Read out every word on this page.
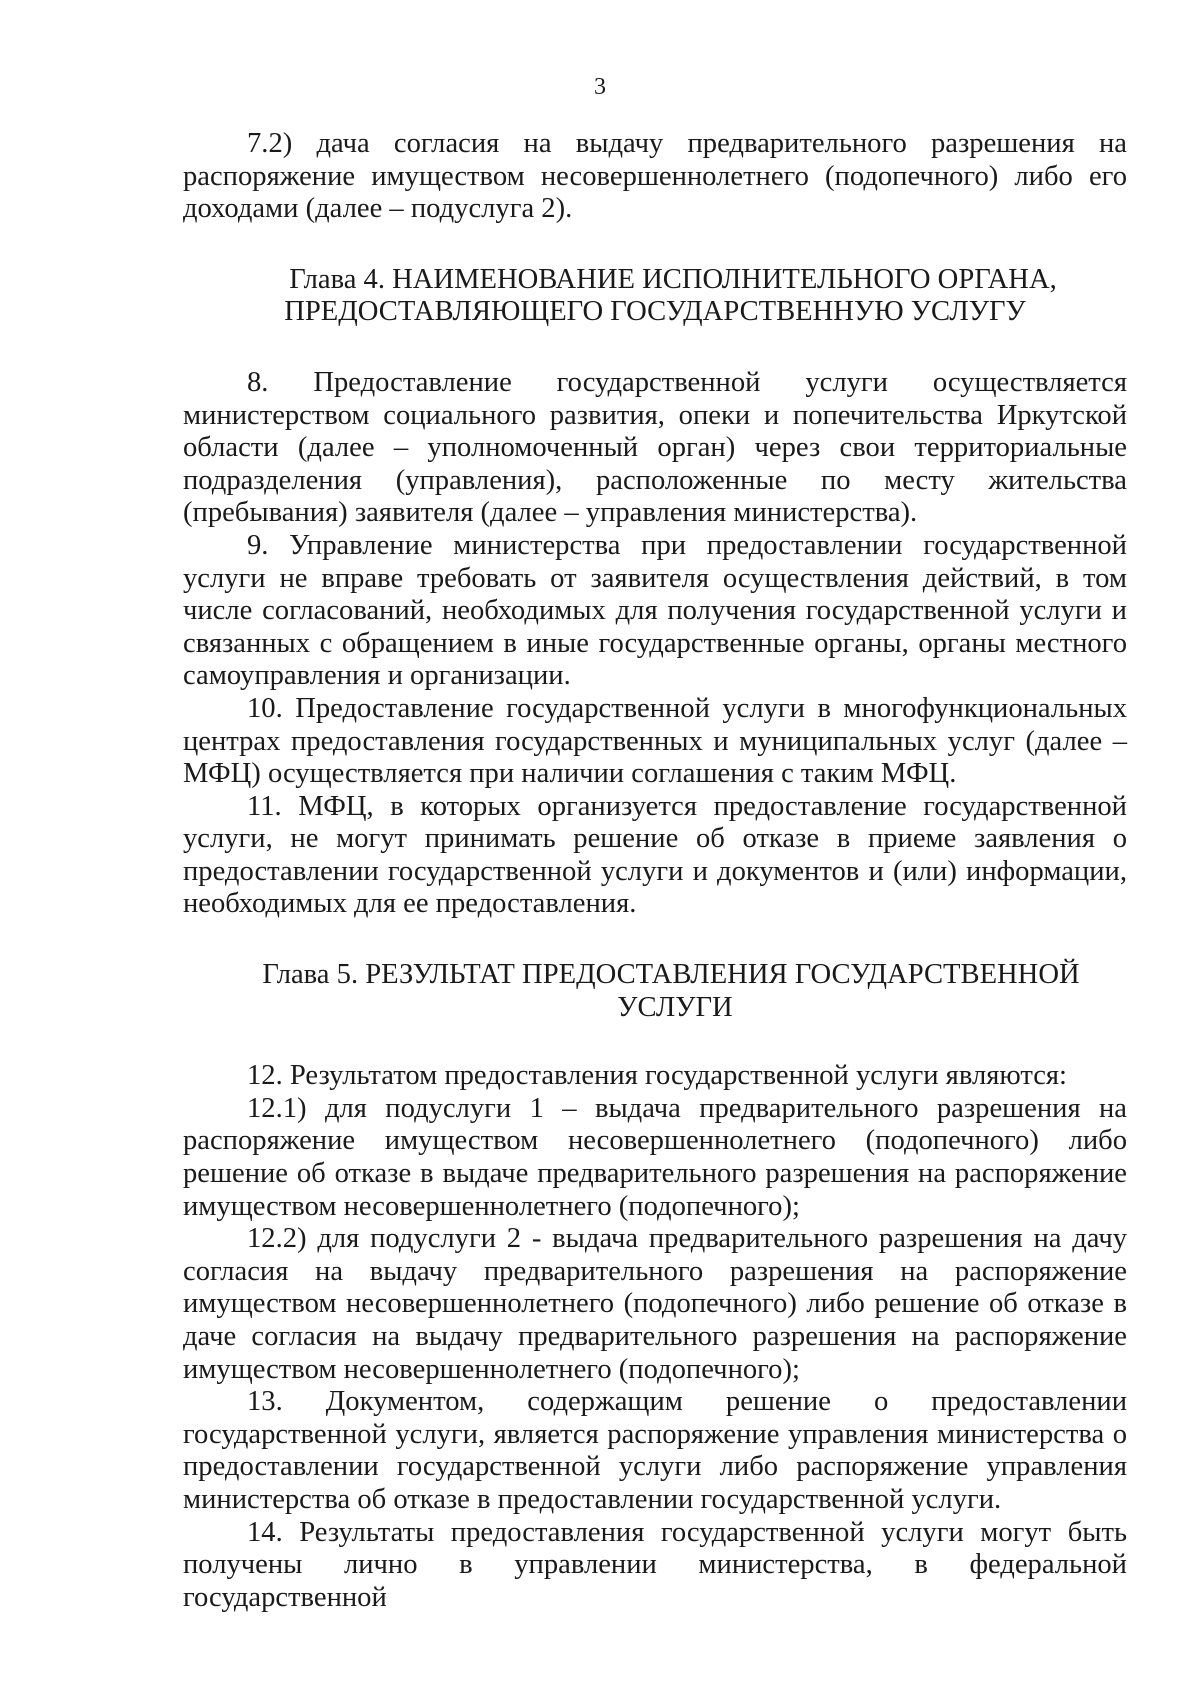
3

7.2) дача согласия на выдачу предварительного разрешения на распоряжение имуществом несовершеннолетнего (подопечного) либо его доходами (далее – подуслуга 2).

Глава 4. НАИМЕНОВАНИЕ ИСПОЛНИТЕЛЬНОГО ОРГАНА,
ПРЕДОСТАВЛЯЮЩЕГО ГОСУДАРСТВЕННУЮ УСЛУГУ

8. Предоставление государственной услуги осуществляется министерством социального развития, опеки и попечительства Иркутской области (далее – уполномоченный орган) через свои территориальные подразделения (управления), расположенные по месту жительства (пребывания) заявителя (далее – управления министерства).

9. Управление министерства при предоставлении государственной услуги не вправе требовать от заявителя осуществления действий, в том числе согласований, необходимых для получения государственной услуги и связанных с обращением в иные государственные органы, органы местного самоуправления и организации.

10. Предоставление государственной услуги в многофункциональных центрах предоставления государственных и муниципальных услуг (далее – МФЦ) осуществляется при наличии соглашения с таким МФЦ.

11. МФЦ, в которых организуется предоставление государственной услуги, не могут принимать решение об отказе в приеме заявления о предоставлении государственной услуги и документов и (или) информации, необходимых для ее предоставления.

Глава 5. РЕЗУЛЬТАТ ПРЕДОСТАВЛЕНИЯ ГОСУДАРСТВЕННОЙ
УСЛУГИ

12. Результатом предоставления государственной услуги являются:

12.1) для подуслуги 1 – выдача предварительного разрешения на распоряжение имуществом несовершеннолетнего (подопечного) либо решение об отказе в выдаче предварительного разрешения на распоряжение имуществом несовершеннолетнего (подопечного);

12.2) для подуслуги 2 - выдача предварительного разрешения на дачу согласия на выдачу предварительного разрешения на распоряжение имуществом несовершеннолетнего (подопечного) либо решение об отказе в даче согласия на выдачу предварительного разрешения на распоряжение имуществом несовершеннолетнего (подопечного);

13. Документом, содержащим решение о предоставлении государственной услуги, является распоряжение управления министерства о предоставлении государственной услуги либо распоряжение управления министерства об отказе в предоставлении государственной услуги.

14. Результаты предоставления государственной услуги могут быть получены лично в управлении министерства, в федеральной государственной
